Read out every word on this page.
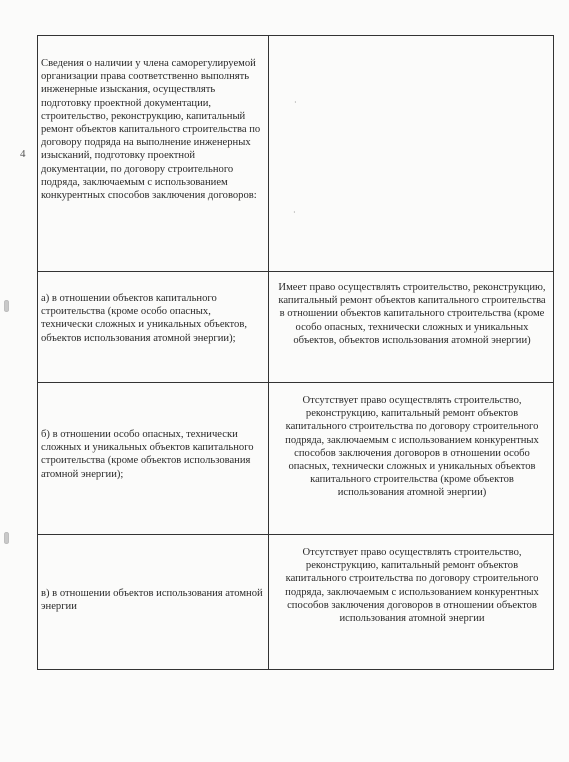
4
Сведения о наличии у члена саморегулируемой организации права соответственно выполнять инженерные изыскания, осуществлять подготовку проектной документации, строительство, реконструкцию, капитальный ремонт объектов капитального строительства по договору подряда на выполнение инженерных изысканий, подготовку проектной документации, по договору строительного подряда, заключаемым с использованием конкурентных способов заключения договоров:
·
·
а) в отношении объектов капитального строительства (кроме особо опасных, технически сложных и уникальных объектов, объектов использования атомной энергии);
Имеет право осуществлять строительство, реконструкцию, капитальный ремонт объектов капитального строительства в отношении объектов капитального строительства (кроме особо опасных, технически сложных и уникальных объектов, объектов использования атомной энергии)
б) в отношении особо опасных, технически сложных и уникальных объектов капитального строительства (кроме объектов использования атомной энергии);
Отсутствует право осуществлять строительство, реконструкцию, капитальный ремонт объектов капитального строительства по договору строительного подряда, заключаемым с использованием конкурентных способов заключения договоров в отношении особо опасных, технически сложных и уникальных объектов капитального строительства (кроме объектов использования атомной энергии)
в) в отношении объектов использования атомной энергии
Отсутствует право осуществлять строительство, реконструкцию, капитальный ремонт объектов капитального строительства по договору строительного подряда, заключаемым с использованием конкурентных способов заключения договоров в отношении объектов использования атомной энергии
